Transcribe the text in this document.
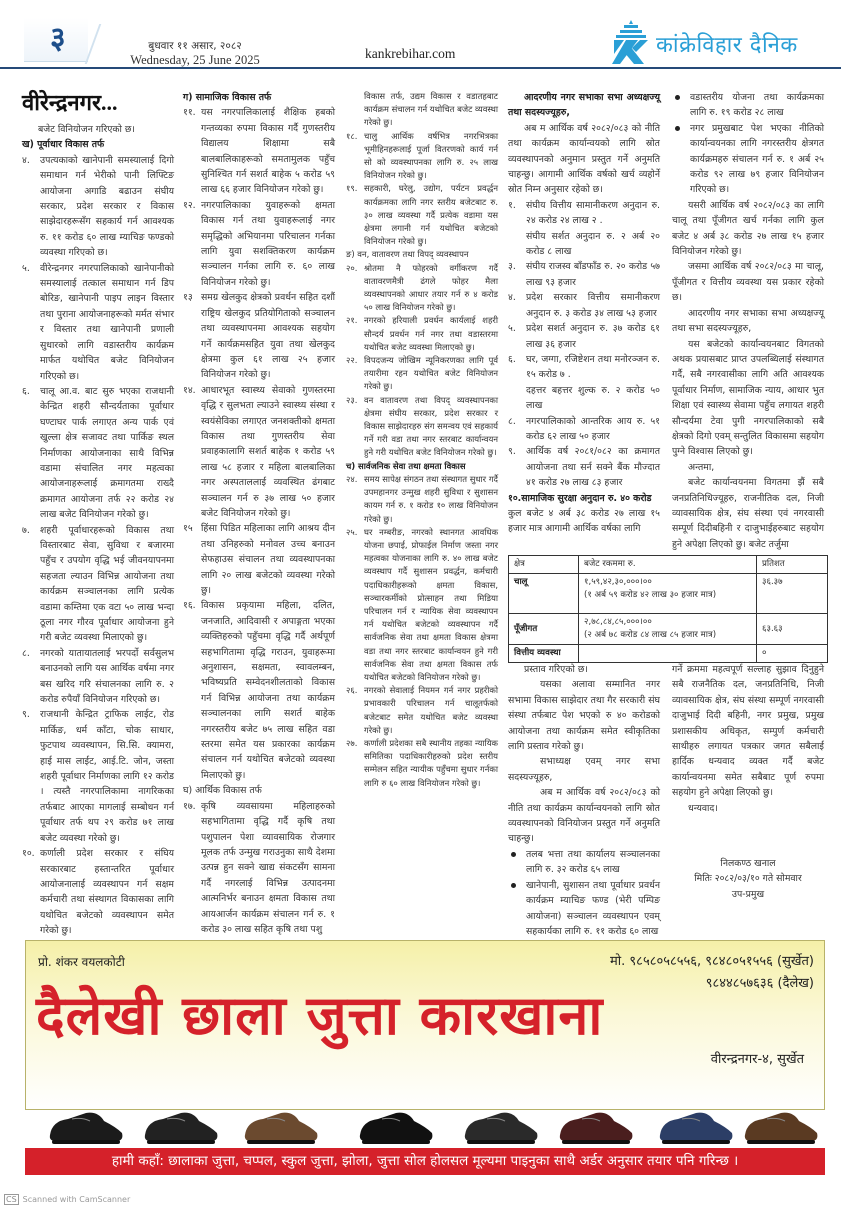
३	बुधवार ११ असार, २०८२
Wednesday, 25 June 2025	kankrebihar.com	कांक्रेविहार दैनिक
वीरेन्द्रनगर...
बजेट विनियोजन गरिएको छ।
ख) पूर्वाधार विकास तर्फ
४. उपत्यकाको खानेपानी समस्यालाई दिगो समाधान गर्न भेरीको पानी लिफ्टिङ आयोजना अगाडि बढाउन संघीय सरकार, प्रदेश सरकार र विकास साझेदारहरूसँग सहकार्य गर्न आवश्यक रु. ११ करोड ६० लाख म्याचिङ फण्डको व्यवस्था गरिएको छ।
५. वीरेन्द्रनगर नगरपालिकाको खानेपानीको समस्यालाई तत्काल समाधान गर्न डिप बोरिङ, खानेपानी पाइप लाइन विस्तार तथा पुराना आयोजनाहरूको मर्मत संभार र विस्तार तथा खानेपानी प्रणाली सुधारको लागि वडास्तरीय कार्यक्रम मार्फत यथोचित बजेट विनियोजन गरिएको छ।
६. चालू आ.व. बाट सुरु भएका राजधानी केन्द्रित शहरी सौन्दर्यताका पूर्वाधार घण्टाघर पार्क लगाएत अन्य पार्क एवं खुल्ला क्षेत्र सजावट तथा पार्किङ स्थल निर्माणका आयोजनाका साथै विभिन्न वडामा संचालित नगर महत्वका आयोजनाहरूलाई क्रमागतमा राख्दै क्रमागत आयोजना तर्फ २२ करोड २४ लाख बजेट विनियोजन गरेको छु।
७. शहरी पूर्वाधारहरूको विकास तथा विस्तारबाट सेवा, सुविधा र बजारमा पहुँच र उपयोग वृद्धि भई जीवनयापनमा सहजता ल्याउन विभिन्न आयोजना तथा कार्यक्रम सञ्चालनका लागि प्रत्येक वडामा कम्तिमा एक वटा ५० लाख भन्दा ठूला नगर गौरव पूर्वाधार आयोजना हुने गरी बजेट व्यवस्था मिलाएको छु।
८. नगरको यातायातलाई भरपर्दो सर्वसुलभ बनाउनको लागि यस आर्थिक वर्षमा नगर बस खरिद गरि संचालनका लागि रु. २ करोड रुपैयाँ विनियोजन गरिएको छ।
९. राजधानी केन्द्रित ट्राफिक लाईट, रोड मार्किङ, धर्म काँटा, चोक साधार, फुटपाथ व्यवस्थापन, सि.सि. क्यामरा, हाई मास लाईट, आई.टि. जोन, जस्ता शहरी पूर्वाधार निर्माणका लागि १२ करोड । त्यस्तै नगरपालिकामा नागरिकका तर्फबाट आएका मागलाई सम्बोधन गर्न पूर्वाधार तर्फ थप २९ करोड ७१ लाख बजेट व्यवस्था गरेको छु।
१०. कर्णाली प्रदेश सरकार र संघिय सरकारबाट हस्तान्तरित पूर्वाधार आयोजनालाई व्यवस्थापन गर्न सक्षम कर्मचारी तथा संस्थागत विकासका लागि यथोचित बजेटको व्यवस्थापन समेत गरेको छु।
ग) सामाजिक विकास तर्फ
११. यस नगरपालिकालाई शैक्षिक हबको गन्तव्यका रुपमा विकास गर्दै गुणस्तरीय विद्यालय शिक्षामा सबै बालबालिकाहरूको समतामुलक पहुँच सुनिश्चित गर्न सशर्त बाहेक ५ करोड ५९ लाख ६६ हजार विनियोजन गरेको छु।
१२. नगरपालिकाका युवाहरूको क्षमता विकास गर्न तथा युवाहरूलाई नगर समृद्धिको अभियानमा परिचालन गर्नका लागि युवा सशक्तिकरण कार्यक्रम सञ्चालन गर्नका लागि रु. ६० लाख विनियोजन गरेको छु।
१३ समग्र खेलकुद क्षेत्रको प्रवर्धन सहित दशौं राष्ट्रिय खेलकुद प्रतियोगिताको सञ्चालन तथा व्यवस्थापनमा आवश्यक सहयोग गर्ने कार्यक्रमसहित युवा तथा खेलकुद क्षेत्रमा कुल ६१ लाख २५ हजार विनियोजन गरेको छु।
१४. आधारभूत स्वास्थ्य सेवाको गुणस्तरमा वृद्धि र सुलभता ल्याउने स्वास्थ्य संस्था र स्वयंसेविका लगाएत जनशक्तीको क्षमता विकास तथा गुणस्तरीय सेवा प्रवाहकालागि सशर्त बाहेक १ करोड ५९ लाख ५८ हजार र महिला बालबालिका नगर अस्पताललाई व्यवस्थित ढंगबाट सञ्चालन गर्न रु ३७ लाख ५० हजार बजेट विनियोजन गरेको छु।
१५ हिंसा पिडित महिलाका लागि आश्रय दीन तथा उनिहरुको मनोवल उच्च बनाउन सेफहाउस संचालन तथा व्यवस्थापनका लागि २० लाख बजेटको व्यवस्था गरेको छु।
१६. विकास प्रकृयामा महिला, दलित, जनजाति, आदिवासी र अपाङ्गता भएका व्यक्तिहरुको पहुँचमा वृद्धि गर्दै अर्थपूर्ण सहभागितामा वृद्धि गराउन, युवाहरूमा अनुशासन, सक्षमता, स्वावलम्बन, भविष्यप्रति सम्वेदनशीलताको विकास गर्न विभिन्न आयोजना तथा कार्यक्रम सञ्चालनका लागि सशर्त बाहेक नगरस्तरीय बजेट ७५ लाख सहित वडा स्तरमा समेत यस प्रकारका कार्यक्रम संचालन गर्न यथोचित बजेटको व्यवस्था मिलाएको छु।
घ) आर्थिक विकास तर्फ
१७. कृषि व्यवसायमा महिलाहरुको सहभागितामा वृद्धि गर्दै कृषि तथा पशुपालन पेशा व्यावसायिक रोजगार मूलक तर्फ उन्मुख गराउनुका साथै देशमा उत्पन्न हुन सक्ने खाद्य संकटसँग सामना गर्दै नगरलाई विभिन्न उत्पादनमा आत्मनिर्भर बनाउन क्षमता विकास तथा आयआर्जन कार्यक्रम संचालन गर्न रु. १ करोड ३० लाख सहित कृषि तथा पशु
विकास तर्फ, उद्यम विकास र वडातहबाट कार्यक्रम संचालन गर्न यथोचित बजेट व्यवस्था गरेको छु।
१८. चालु आर्थिक वर्षभित्र नगरभित्रका भूमीहिनहरूलाई पूर्जा वितरणको कार्य गर्न सो को व्यवस्थापनका लागि रु. २५ लाख विनियोजन गरेको छु।
१९. सहकारी, घरेलु, उद्योग, पर्यटन प्रवर्द्धन कार्यक्रमका लागि नगर स्तरीय बजेटबाट रु. ३० लाख व्यवस्था गर्दै प्रत्येक वडामा यस क्षेत्रमा लगानी गर्न यथोचित बजेटको विनियोजन गरेको छु।
ङ) वन, वातावरण तथा विपद् व्यवस्थापन
२०. श्रोतमा नै फोहरको वर्गीकरण गर्दै वातावरणमैत्री ढंगले फोहर मैला व्यवस्थापनको आधार तयार गर्न रु ४ करोड ५० लाख विनियोजन गरेको छु।
२१. नगरको हरियाली प्रवर्धन कार्यलाई शहरी सौन्दर्य प्रवर्धन गर्न नगर तथा वडास्तरमा यथोचित बजेट व्यवस्था मिलाएको छु।
२२. विपदजन्य जोखिम न्यूनिकरणका लागि पूर्व तयारीमा रहन यथोचित बजेट विनियोजन गरेको छु।
२३. वन वातावरण तथा विपद् व्यवस्थापनका क्षेत्रमा संघीय सरकार, प्रदेश सरकार र विकास साझेदारहरु संग समन्वय एवं सहकार्य गर्ने गरी वडा तथा नगर स्तरबाट कार्यान्वयन हुने गरी यथोचित बजेट विनियोजन गरेको छु।
च) सार्वजनिक सेवा तथा क्षमता विकास
२४. समय सापेक्ष संगठन तथा संस्थागत सुधार गर्दै उपमहानगर उन्मुख शहरी सुविधा र सुशासन कायम गर्न रु. १ करोड १० लाख विनियोजन गरेको छु।
२५. घर नम्बरीङ, नगरको स्थानगत आवधिक योजना छपाई, प्रोफाईल निर्माण जस्ता नगर महत्वका योजनाका लागि रु. ४० लाख बजेट व्यवस्थाप गर्दै सुशासन प्रवर्द्धन, कर्मचारी पदाधिकारीहरूको क्षमता विकास, सञ्चारकर्मीको प्रोत्साहन तथा मिडिया परिचालन गर्न र न्यायिक सेवा व्यवस्थापन गर्न यथोचित बजेटको व्यवस्थापन गर्दै सार्वजनिक सेवा तथा क्षमता विकास क्षेत्रमा वडा तथा नगर स्तरबाट कार्यान्वयन हुने गरी सार्वजनिक सेवा तथा क्षमता विकास तर्फ यथोचित बजेटको विनियोजन गरेको छु।
२६. नगरको सेवालाई नियमन गर्न नगर प्रहरीको प्रभावकारी परिचालन गर्न चालूतर्फको बजेटबाट समेत यथोचित बजेट व्यवस्था गरेको छु।
२७. कर्णाली प्रदेशका सबै स्थानीय तहका न्यायिक समितिका पदाधिकारीहरुको प्रदेश स्तरीय सम्मेलन सहित न्यायीक पहुँचमा सुधार गर्नका लागि रु ६० लाख विनियोजन गरेको छु।
आदरणीय नगर सभाका सभा अध्यक्षज्यू तथा सदस्यज्यूहरु,
अब म आर्थिक वर्ष २०८२/०८३ को नीति तथा कार्यक्रम कार्यान्वयको लागि स्रोत व्यवस्थापनको अनुमान प्रस्तुत गर्ने अनुमति चाहन्छु। आगामी आर्थिक वर्षको खर्च व्यहोर्ने स्रोत निम्न अनुसार रहेको छ।
१. संघीय वित्तीय सामानीकरण अनुदान रु. २४ करोड २४ लाख २ .
संघीय सर्शत अनुदान रु. २ अर्ब २० करोड ८ लाख
३. संघीय राजस्व बाँडफाँड रु. २० करोड ५७ लाख ९३ हजार
४. प्रदेश सरकार वित्तीय समानीकरण अनुदान रु. ३ करोड ३४ लाख ५३ हजार
५. प्रदेश सशर्त अनुदान रु. ३७ करोड ६१ लाख ३६ हजार
६. घर, जग्गा, रजिष्टेशन तथा मनोरञ्जन रु. १५ करोड ७ .
दहत्तर बहत्तर शुल्क रु. २ करोड ५० लाख
८. नगरपालिकाको आन्तरिक आय रु. ५१ करोड ६२ लाख ५० हजार
९. आर्थिक वर्ष २०८१/०८२ का क्रमागत आयोजना तथा सर्न सक्ने बैंक मौज्दात ४१ करोड २७ लाख ८३ हजार
१०.सामाजिक सुरक्षा अनुदान रु. ४० करोड
कुल बजेट ४ अर्ब ३८ करोड २७ लाख १५ हजार मात्र आगामी आर्थिक वर्षका लागि
प्रस्ताव गरिएको छ।
यसका अलावा सम्मानित नगर सभामा विकास साझेदार तथा गैर सरकारी संघ संस्था तर्फबाट पेश भएको रु ४० करोडको आयोजना तथा कार्यक्रम समेत स्वीकृतिका लागि प्रस्ताव गरेको छु।
सभाध्यक्ष एवम् नगर सभा सदस्यज्यूहरु,
अब म आर्थिक वर्ष २०८२/०८३ को नीति तथा कार्यक्रम कार्यान्वयनको लागि स्रोत व्यवस्थापनको विनियोजन प्रस्तुत गर्ने अनुमति चाहन्छु।
तलब भत्ता तथा कार्यालय सञ्चालनका लागि रु. ३२ करोड ६५ लाख
खानेपानी, सुशासन तथा पूर्वाधार प्रवर्धन कार्यक्रम म्याचिङ फण्ड (भेरी पम्पिङ आयोजना) सञ्चालन व्यवस्थापन एवम् सहकार्यका लागि रु. ११ करोड ६० लाख
वडास्तरीय योजना तथा कार्यक्रमका लागि रु. १९ करोड २८ लाख
नगर प्रमुखबाट पेश भएका नीतिको कार्यान्वयनका लागि नगरस्तरीय क्षेत्रगत कार्यक्रमहरु संचालन गर्न रु. १ अर्ब २५ करोड ९२ लाख ७९ हजार विनियोजन गरिएको छ।
यसरी आर्थिक वर्ष २०८२/०८३ का लागि चालू तथा पूँजीगत खर्च गर्नका लागि कुल बजेट ४ अर्ब ३८ करोड २७ लाख १५ हजार विनियोजन गरेको छु।
जसमा आर्थिक वर्ष २०८२/०८३ मा चालू, पूँजीगत र वित्तीय व्यवस्था यस प्रकार रहेको छ।
आदरणीय नगर सभाका सभा अध्यक्षज्यू तथा सभा सदस्यज्यूहरु,
यस बजेटको कार्यान्वयनबाट विगतको अथक प्रयासबाट प्राप्त उपलब्धिलाई संस्थागत गर्दै, सबै नगरवासीका लागि अति आवश्यक पूर्वाधार निर्माण, सामाजिक न्याय, आधार भुत शिक्षा एवं स्वास्थ्य सेवामा पहुँच लगायत शहरी सौन्दर्यमा टेवा पुगी नगरपालिकाको सबै क्षेत्रको दिगो एवम् सन्तुलित विकासमा सहयोग पुग्ने विश्वास लिएको छु।
अन्तमा,
बजेट कार्यान्वयनमा विगतमा झैं सबै जनप्रतिनिधिज्यूहरु, राजनीतिक दल, निजी व्यावसायिक क्षेत्र, संघ संस्था एवं नगरवासी सम्पूर्ण दिदीबहिनी र दाजुभाईहरुबाट सहयोग हुने अपेक्षा लिएको छु। बजेट तर्जुमा
गर्ने क्रममा महत्वपूर्ण सल्लाह सुझाव दिनुहुने सबै राजनैतिक दल, जनप्रतिनिधि, निजी व्यावसायिक क्षेत्र, संघ संस्था सम्पूर्ण नगरवासी दाजुभाई दिदी बहिनी, नगर प्रमुख, प्रमुख प्रशासकीय अधिकृत, सम्पुर्ण कर्मचारी साथीहरु लगायत पत्रकार जगत सबैलाई हार्दिक धन्यवाद व्यक्त गर्दै बजेट कार्यान्वयनमा समेत सबैबाट पूर्ण रुपमा सहयोग हुने अपेक्षा लिएको छु।
धन्यवाद।
निलकण्ठ खनाल
मितिः २०८२/०३/१० गते सोमवार
उप-प्रमुख
क्षेत्र	बजेट रकममा रु.	प्रतिशत
चालू	१,५९,४२,३०,०००।००
(१ अर्ब ५९ करोड ४२ लाख ३० हजार मात्र)	३६.३७
पूँजीगत	२,७८,८४,८५,०००।००
(२ अर्ब ७८ करोड ८४ लाख ८५ हजार मात्र)	६३.६३
वित्तीय व्यवस्था		०
प्रो. शंकर वयलकोटी	मो. ९८५८०५८५५६, ९८४८०५१५५६ (सुर्खेत)
९८४४८५७६३६ (दैलेख)
दैलेखी छाला जुत्ता कारखाना
वीरन्द्रनगर-४, सुर्खेत
हामी कहाँ: छालाका जुत्ता, चप्पल, स्कुल जुत्ता, झोला, जुत्ता सोल होलसल मूल्यमा पाइनुका साथै अर्डर अनुसार तयार पनि गरिन्छ ।
CS Scanned with CamScanner
